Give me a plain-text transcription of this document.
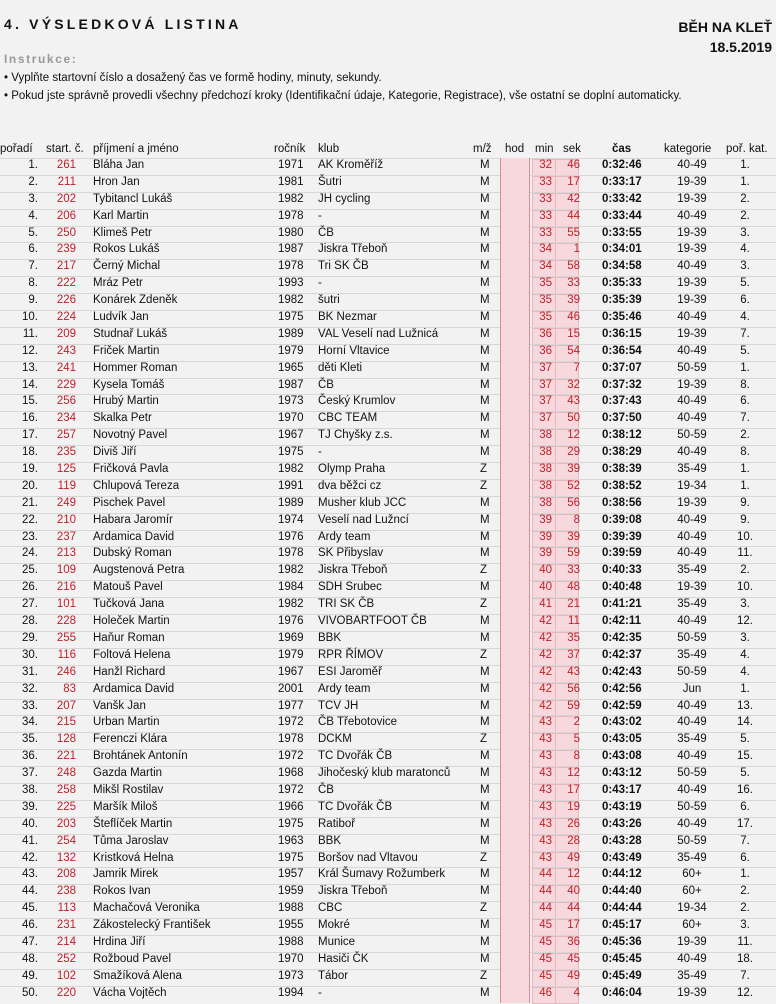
4. VÝSLEDKOVÁ LISTINA	BĚH NA KLEŤ
18.5.2019
Instrukce:
• Vyplňte startovní číslo a dosažený čas ve formě hodiny, minuty, sekundy.
• Pokud jste správně provedli všechny předchozí kroky (Identifikační údaje, Kategorie, Registrace), vše ostatní se doplní automaticky.
pořadí start. č. příjmení a jméno	ročník klub	m/ž hod min sek	čas	kategorie poř. kat.
1.	261 Bláha Jan	1971 AK Kroměříž	M	32	46 0:32:46	40-49	1.
2.	211 Hron Jan	1981 Šutri	M	33	17 0:33:17	19-39	1.
3.	202 Tybitancl Lukáš	1982 JH cycling	M	33	42 0:33:42	19-39	2.
4.	206 Karl Martin	1978 -	M	33	44 0:33:44	40-49	2.
5.	250 Klimeš Petr	1980 ČB	M	33	55 0:33:55	19-39	3.
6.	239 Rokos Lukáš	1987 Jiskra Třeboň	M	34	1 0:34:01	19-39	4.
7.	217 Černý Michal	1978 Tri SK ČB	M	34	58 0:34:58	40-49	3.
8.	222 Mráz Petr	1993 -	M	35	33 0:35:33	19-39	5.
9.	226 Konárek Zdeněk	1982 šutri	M	35	39 0:35:39	19-39	6.
10.	224 Ludvík Jan	1975 BK Nezmar	M	35	46 0:35:46	40-49	4.
11.	209 Studnař Lukáš	1989 VAL Veselí nad Lužnicá	M	36	15 0:36:15	19-39	7.
12.	243 Friček Martin	1979 Horní Vltavice	M	36	54 0:36:54	40-49	5.
13.	241 Hommer Roman	1965 děti Kleti	M	37	7 0:37:07	50-59	1.
14.	229 Kysela Tomáš	1987 ČB	M	37	32 0:37:32	19-39	8.
15.	256 Hrubý Martin	1973 Český Krumlov	M	37	43 0:37:43	40-49	6.
16.	234 Skalka Petr	1970 CBC TEAM	M	37	50 0:37:50	40-49	7.
17.	257 Novotný Pavel	1967 TJ Chyšky z.s.	M	38	12 0:38:12	50-59	2.
18.	235 Diviš Jiří	1975 -	M	38	29 0:38:29	40-49	8.
19.	125 Fričková Pavla	1982 Olymp Praha	Z	38	39 0:38:39	35-49	1.
20.	119 Chlupová Tereza	1991 dva běžci cz	Z	38	52 0:38:52	19-34	1.
21.	249 Pischek Pavel	1989 Musher klub JCC	M	38	56 0:38:56	19-39	9.
22.	210 Habara Jaromír	1974 Veselí nad Lužncí	M	39	8 0:39:08	40-49	9.
23.	237 Ardamica David	1976 Ardy team	M	39	39 0:39:39	40-49	10.
24.	213 Dubský Roman	1978 SK Přibyslav	M	39	59 0:39:59	40-49	11.
25.	109 Augstenová Petra	1982 Jiskra Třeboň	Z	40	33 0:40:33	35-49	2.
26.	216 Matouš Pavel	1984 SDH Srubec	M	40	48 0:40:48	19-39	10.
27.	101 Tučková Jana	1982 TRI SK ČB	Z	41	21 0:41:21	35-49	3.
28.	228 Holeček Martin	1976 VIVOBARTFOOT ČB	M	42	11 0:42:11	40-49	12.
29.	255 Haňur Roman	1969 BBK	M	42	35 0:42:35	50-59	3.
30.	116 Foltová Helena	1979 RPR ŘÍMOV	Z	42	37 0:42:37	35-49	4.
31.	246 Hanžl Richard	1967 ESI Jaroměř	M	42	43 0:42:43	50-59	4.
32.	83 Ardamica David	2001 Ardy team	M	42	56 0:42:56	Jun	1.
33.	207 Vanšk Jan	1977 TCV JH	M	42	59 0:42:59	40-49	13.
34.	215 Urban Martin	1972 ČB Třebotovice	M	43	2 0:43:02	40-49	14.
35.	128 Ferenczi Klára	1978 DCKM	Z	43	5 0:43:05	35-49	5.
36.	221 Brohtánek Antonín	1972 TC Dvořák ČB	M	43	8 0:43:08	40-49	15.
37.	248 Gazda Martin	1968 Jihočeský klub maratonců	M	43	12 0:43:12	50-59	5.
38.	258 Mikšl Rostilav	1972 ČB	M	43	17 0:43:17	40-49	16.
39.	225 Maršík Miloš	1966 TC Dvořák ČB	M	43	19 0:43:19	50-59	6.
40.	203 Šteflíček Martin	1975 Ratiboř	M	43	26 0:43:26	40-49	17.
41.	254 Tůma Jaroslav	1963 BBK	M	43	28 0:43:28	50-59	7.
42.	132 Kristková Helna	1975 Boršov nad Vltavou	Z	43	49 0:43:49	35-49	6.
43.	208 Jamrik Mirek	1957 Král Šumavy Rožumberk	M	44	12 0:44:12	60+	1.
44.	238 Rokos Ivan	1959 Jiskra Třeboň	M	44	40 0:44:40	60+	2.
45.	113 Machačová Veronika	1988 CBC	Z	44	44 0:44:44	19-34	2.
46.	231 Zákostelecký František	1955 Mokré	M	45	17 0:45:17	60+	3.
47.	214 Hrdina Jiří	1988 Munice	M	45	36 0:45:36	19-39	11.
48.	252 Rožboud Pavel	1970 Hasiči ČK	M	45	45 0:45:45	40-49	18.
49.	102 Smažíková Alena	1973 Tábor	Z	45	49 0:45:49	35-49	7.
50.	220 Vácha Vojtěch	1994 -	M	46	4 0:46:04	19-39	12.
